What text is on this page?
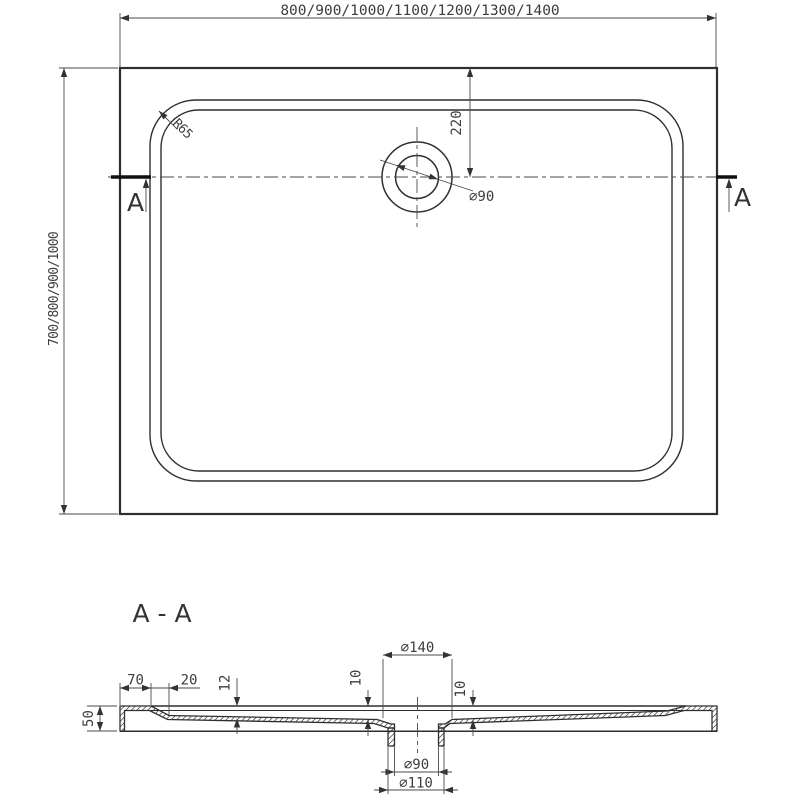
800/900/1000/1100/1200/1300/1400
700/800/900/1000
220
⌀90
R65
A	A
A - A
50
70	20 12	10
10
⌀140
⌀90
⌀110
